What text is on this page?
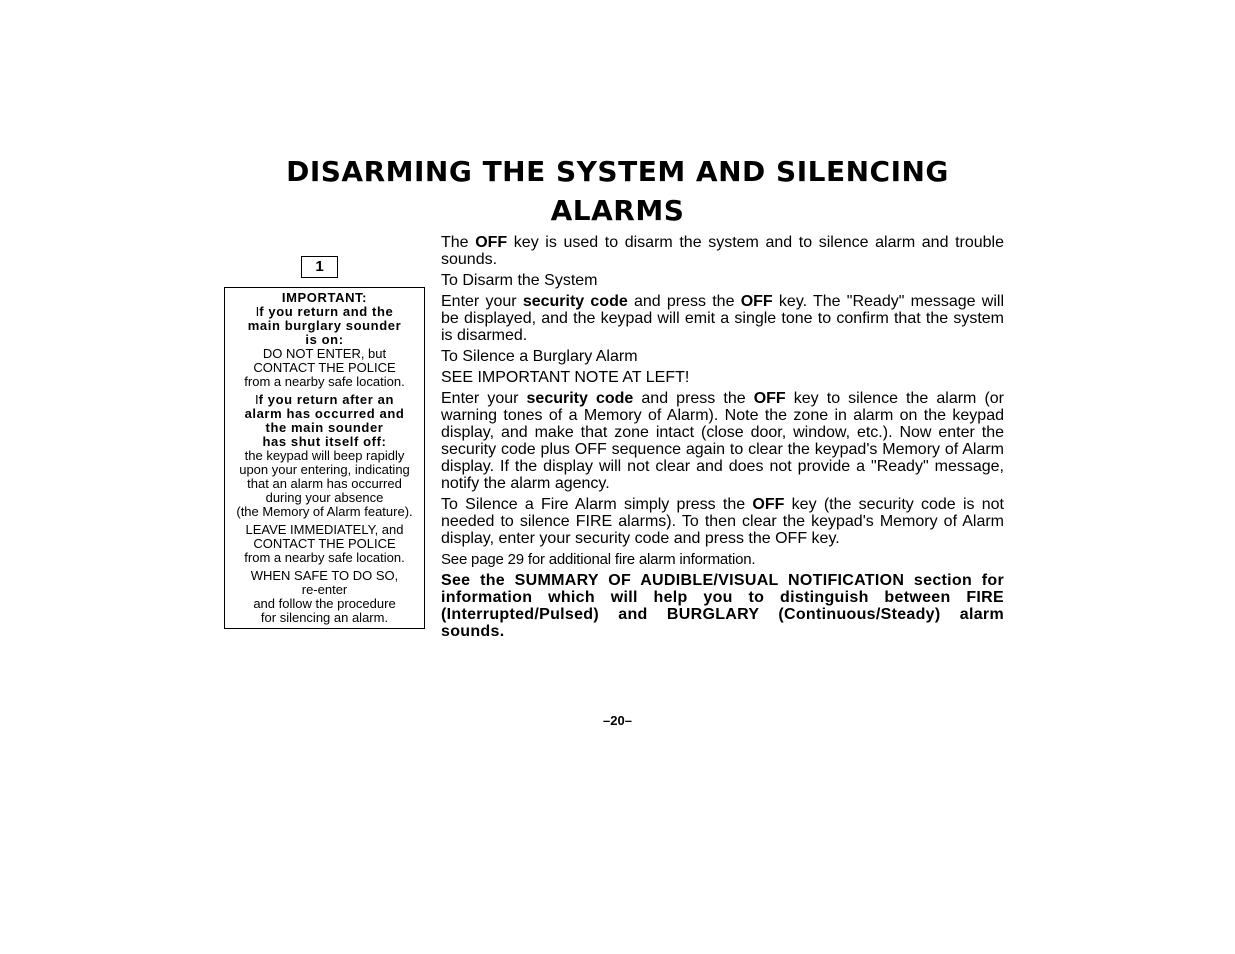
DISARMING THE SYSTEM AND SILENCING
ALARMS
1
IMPORTANT:
If you return and the
main burglary sounder
is on:
DO NOT ENTER, but
CONTACT THE POLICE
from a nearby safe location.
If you return after an
alarm has occurred and
the main sounder
has shut itself off:
the keypad will beep rapidly
upon your entering, indicating
that an alarm has occurred
during your absence
(the Memory of Alarm feature).
LEAVE IMMEDIATELY, and
CONTACT THE POLICE
from a nearby safe location.
WHEN SAFE TO DO SO,
re-enter
and follow the procedure
for silencing an alarm.

The OFF key is used to disarm the system and to silence alarm and trouble sounds.

To Disarm the System

Enter your security code and press the OFF key. The "Ready" message will be displayed, and the keypad will emit a single tone to confirm that the system is disarmed.

To Silence a Burglary Alarm

SEE IMPORTANT NOTE AT LEFT!

Enter your security code and press the OFF key to silence the alarm (or warning tones of a Memory of Alarm). Note the zone in alarm on the keypad display, and make that zone intact (close door, window, etc.). Now enter the security code plus OFF sequence again to clear the keypad's Memory of Alarm display. If the display will not clear and does not provide a "Ready" message, notify the alarm agency.

To Silence a Fire Alarm simply press the OFF key (the security code is not needed to silence FIRE alarms). To then clear the keypad's Memory of Alarm display, enter your security code and press the OFF key.

See page 29 for additional fire alarm information.

See the SUMMARY OF AUDIBLE/VISUAL NOTIFICATION section for information which will help you to distinguish between FIRE (Interrupted/Pulsed) and BURGLARY (Continuous/Steady) alarm sounds.

–20–
